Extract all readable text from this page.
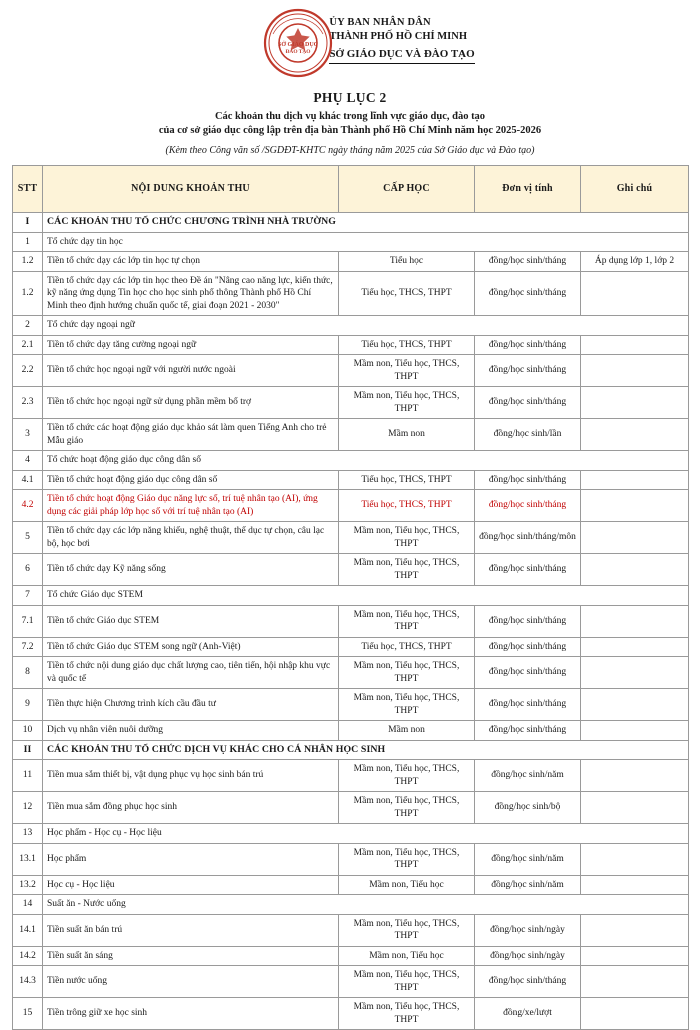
SỞ GIÁO DỤC
ĐÀO TẠO
ỦY BAN NHÂN DÂN
THÀNH PHỐ HỒ CHÍ MINH
SỞ GIÁO DỤC VÀ ĐÀO TẠO
PHỤ LỤC 2
Các khoản thu dịch vụ khác trong lĩnh vực giáo dục, đào tạo
của cơ sở giáo dục công lập trên địa bàn Thành phố Hồ Chí Minh năm học 2025-2026
(Kèm theo Công văn số /SGDĐT-KHTC ngày tháng năm 2025 của Sở Giáo dục và Đào tạo)
STT	NỘI DUNG KHOẢN THU	CẤP HỌC	Đơn vị tính	Ghi chú
I	CÁC KHOẢN THU TỔ CHỨC CHƯƠNG TRÌNH NHÀ TRƯỜNG			
1	Tổ chức dạy tin học			
1.2	Tiền tổ chức dạy các lớp tin học tự chọn	Tiểu học	đồng/học sinh/tháng	Áp dụng lớp 1, lớp 2
1.2	Tiền tổ chức dạy các lớp tin học theo Đề án "Nâng cao năng lực, kiến thức, kỹ năng ứng dụng Tin học cho học sinh phổ thông Thành phố Hồ Chí Minh theo định hướng chuẩn quốc tế, giai đoạn 2021 - 2030"	Tiểu học, THCS, THPT	đồng/học sinh/tháng	
2	Tổ chức dạy ngoại ngữ			
2.1	Tiền tổ chức dạy tăng cường ngoại ngữ	Tiểu học, THCS, THPT	đồng/học sinh/tháng	
2.2	Tiền tổ chức học ngoại ngữ với người nước ngoài	Mầm non, Tiểu học, THCS, THPT	đồng/học sinh/tháng	
2.3	Tiền tổ chức học ngoại ngữ sử dụng phần mềm bổ trợ	Mầm non, Tiểu học, THCS, THPT	đồng/học sinh/tháng	
3	Tiền tổ chức các hoạt động giáo dục khảo sát làm quen Tiếng Anh cho trẻ Mẫu giáo	Mầm non	đồng/học sinh/lần	
4	Tổ chức hoạt động giáo dục công dân số			
4.1	Tiền tổ chức hoạt động giáo dục công dân số	Tiểu học, THCS, THPT	đồng/học sinh/tháng	
4.2	Tiền tổ chức hoạt động Giáo dục năng lực số, trí tuệ nhân tạo (AI), ứng dụng các giải pháp lớp học số với trí tuệ nhân tạo (AI)	Tiểu học, THCS, THPT	đồng/học sinh/tháng	
5	Tiền tổ chức dạy các lớp năng khiếu, nghệ thuật, thể dục tự chọn, câu lạc bộ, học bơi	Mầm non, Tiểu học, THCS, THPT	đồng/học sinh/tháng/môn	
6	Tiền tổ chức dạy Kỹ năng sống	Mầm non, Tiểu học, THCS, THPT	đồng/học sinh/tháng	
7	Tổ chức Giáo dục STEM			
7.1	Tiền tổ chức Giáo dục STEM	Mầm non, Tiểu học, THCS, THPT	đồng/học sinh/tháng	
7.2	Tiền tổ chức Giáo dục STEM song ngữ (Anh-Việt)	Tiểu học, THCS, THPT	đồng/học sinh/tháng	
8	Tiền tổ chức nội dung giáo dục chất lượng cao, tiên tiến, hội nhập khu vực và quốc tế	Mầm non, Tiểu học, THCS, THPT	đồng/học sinh/tháng	
9	Tiền thực hiện Chương trình kích cầu đầu tư	Mầm non, Tiểu học, THCS, THPT	đồng/học sinh/tháng	
10	Dịch vụ nhân viên nuôi dưỡng	Mầm non	đồng/học sinh/tháng	
II	CÁC KHOẢN THU TỔ CHỨC DỊCH VỤ KHÁC CHO CÁ NHÂN HỌC SINH			
11	Tiền mua sắm thiết bị, vật dụng phục vụ học sinh bán trú	Mầm non, Tiểu học, THCS, THPT	đồng/học sinh/năm	
12	Tiền mua sắm đồng phục học sinh	Mầm non, Tiểu học, THCS, THPT	đồng/học sinh/bộ	
13	Học phẩm - Học cụ - Học liệu			
13.1	Học phẩm	Mầm non, Tiểu học, THCS, THPT	đồng/học sinh/năm	
13.2	Học cụ - Học liệu	Mầm non, Tiểu học	đồng/học sinh/năm	
14	Suất ăn - Nước uống			
14.1	Tiền suất ăn bán trú	Mầm non, Tiểu học, THCS, THPT	đồng/học sinh/ngày	
14.2	Tiền suất ăn sáng	Mầm non, Tiểu học	đồng/học sinh/ngày	
14.3	Tiền nước uống	Mầm non, Tiểu học, THCS, THPT	đồng/học sinh/tháng	
15	Tiền trông giữ xe học sinh	Mầm non, Tiểu học, THCS, THPT	đồng/xe/lượt	
